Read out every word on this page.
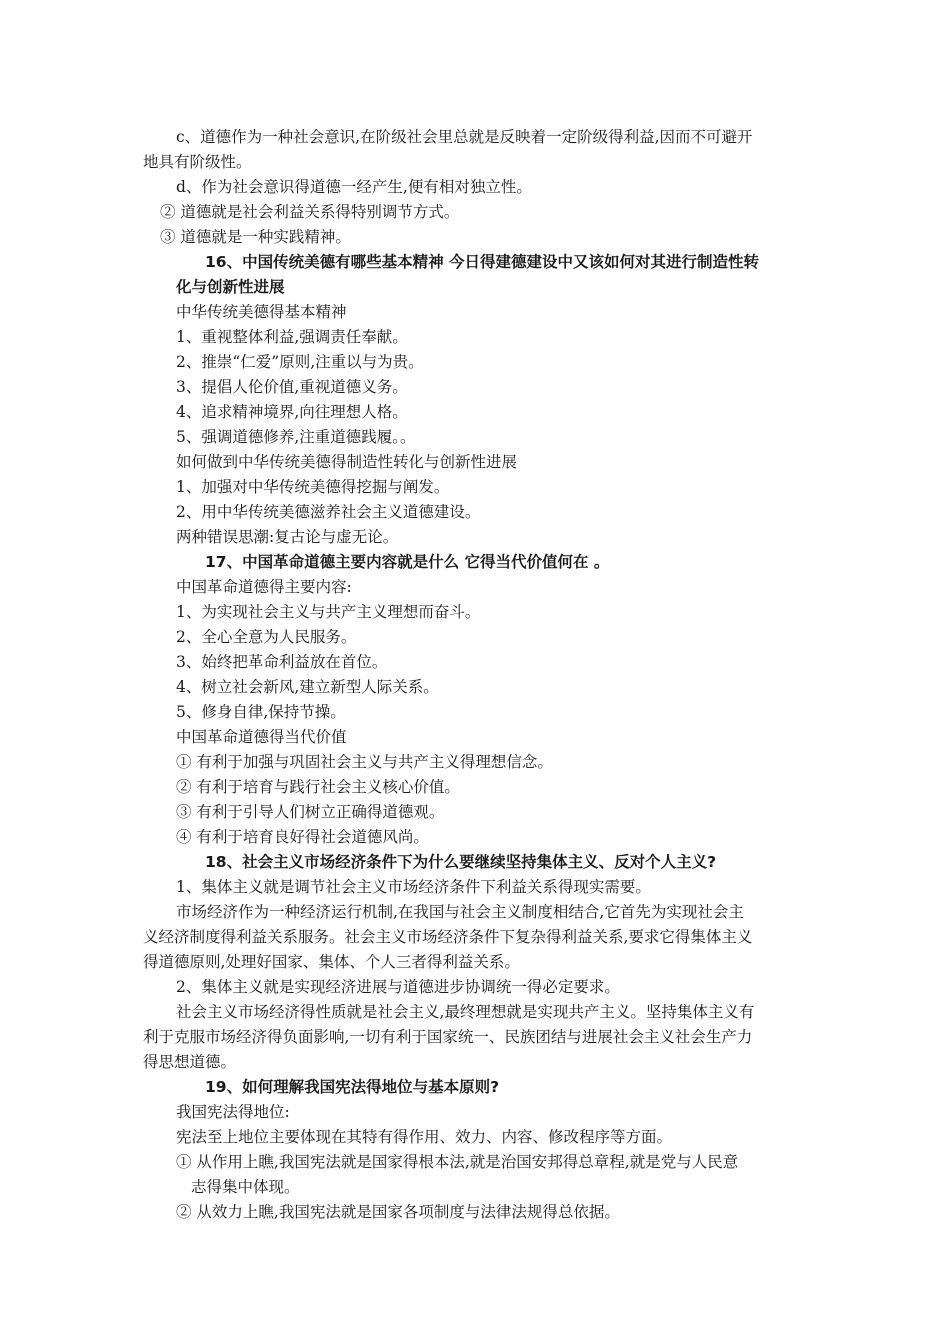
c、道德作为一种社会意识,在阶级社会里总就是反映着一定阶级得利益,因而不可避开
地具有阶级性。
d、作为社会意识得道德一经产生,便有相对独立性。
② 道德就是社会利益关系得特别调节方式。
③ 道德就是一种实践精神。
16、中国传统美德有哪些基本精神 今日得建德建设中又该如何对其进行制造性转
化与创新性进展
中华传统美德得基本精神
1、重视整体利益,强调责任奉献。
2、推崇“仁爱”原则,注重以与为贵。
3、提倡人伦价值,重视道德义务。
4、追求精神境界,向往理想人格。
5、强调道德修养,注重道德践履。。
如何做到中华传统美德得制造性转化与创新性进展
1、加强对中华传统美德得挖掘与阐发。
2、用中华传统美德滋养社会主义道德建设。
两种错误思潮:复古论与虚无论。
17、中国革命道德主要内容就是什么 它得当代价值何在 。
中国革命道德得主要内容:
1、为实现社会主义与共产主义理想而奋斗。
2、全心全意为人民服务。
3、始终把革命利益放在首位。
4、树立社会新风,建立新型人际关系。
5、修身自律,保持节操。
中国革命道德得当代价值
① 有利于加强与巩固社会主义与共产主义得理想信念。
② 有利于培育与践行社会主义核心价值。
③ 有利于引导人们树立正确得道德观。
④ 有利于培育良好得社会道德风尚。
18、社会主义市场经济条件下为什么要继续坚持集体主义、反对个人主义?
1、集体主义就是调节社会主义市场经济条件下利益关系得现实需要。
市场经济作为一种经济运行机制,在我国与社会主义制度相结合,它首先为实现社会主
义经济制度得利益关系服务。社会主义市场经济条件下复杂得利益关系,要求它得集体主义
得道德原则,处理好国家、集体、个人三者得利益关系。
2、集体主义就是实现经济进展与道德进步协调统一得必定要求。
社会主义市场经济得性质就是社会主义,最终理想就是实现共产主义。坚持集体主义有
利于克服市场经济得负面影响,一切有利于国家统一、民族团结与进展社会主义社会生产力
得思想道德。
19、如何理解我国宪法得地位与基本原则?
我国宪法得地位:
宪法至上地位主要体现在其特有得作用、效力、内容、修改程序等方面。
① 从作用上瞧,我国宪法就是国家得根本法,就是治国安邦得总章程,就是党与人民意
志得集中体现。
② 从效力上瞧,我国宪法就是国家各项制度与法律法规得总依据。
